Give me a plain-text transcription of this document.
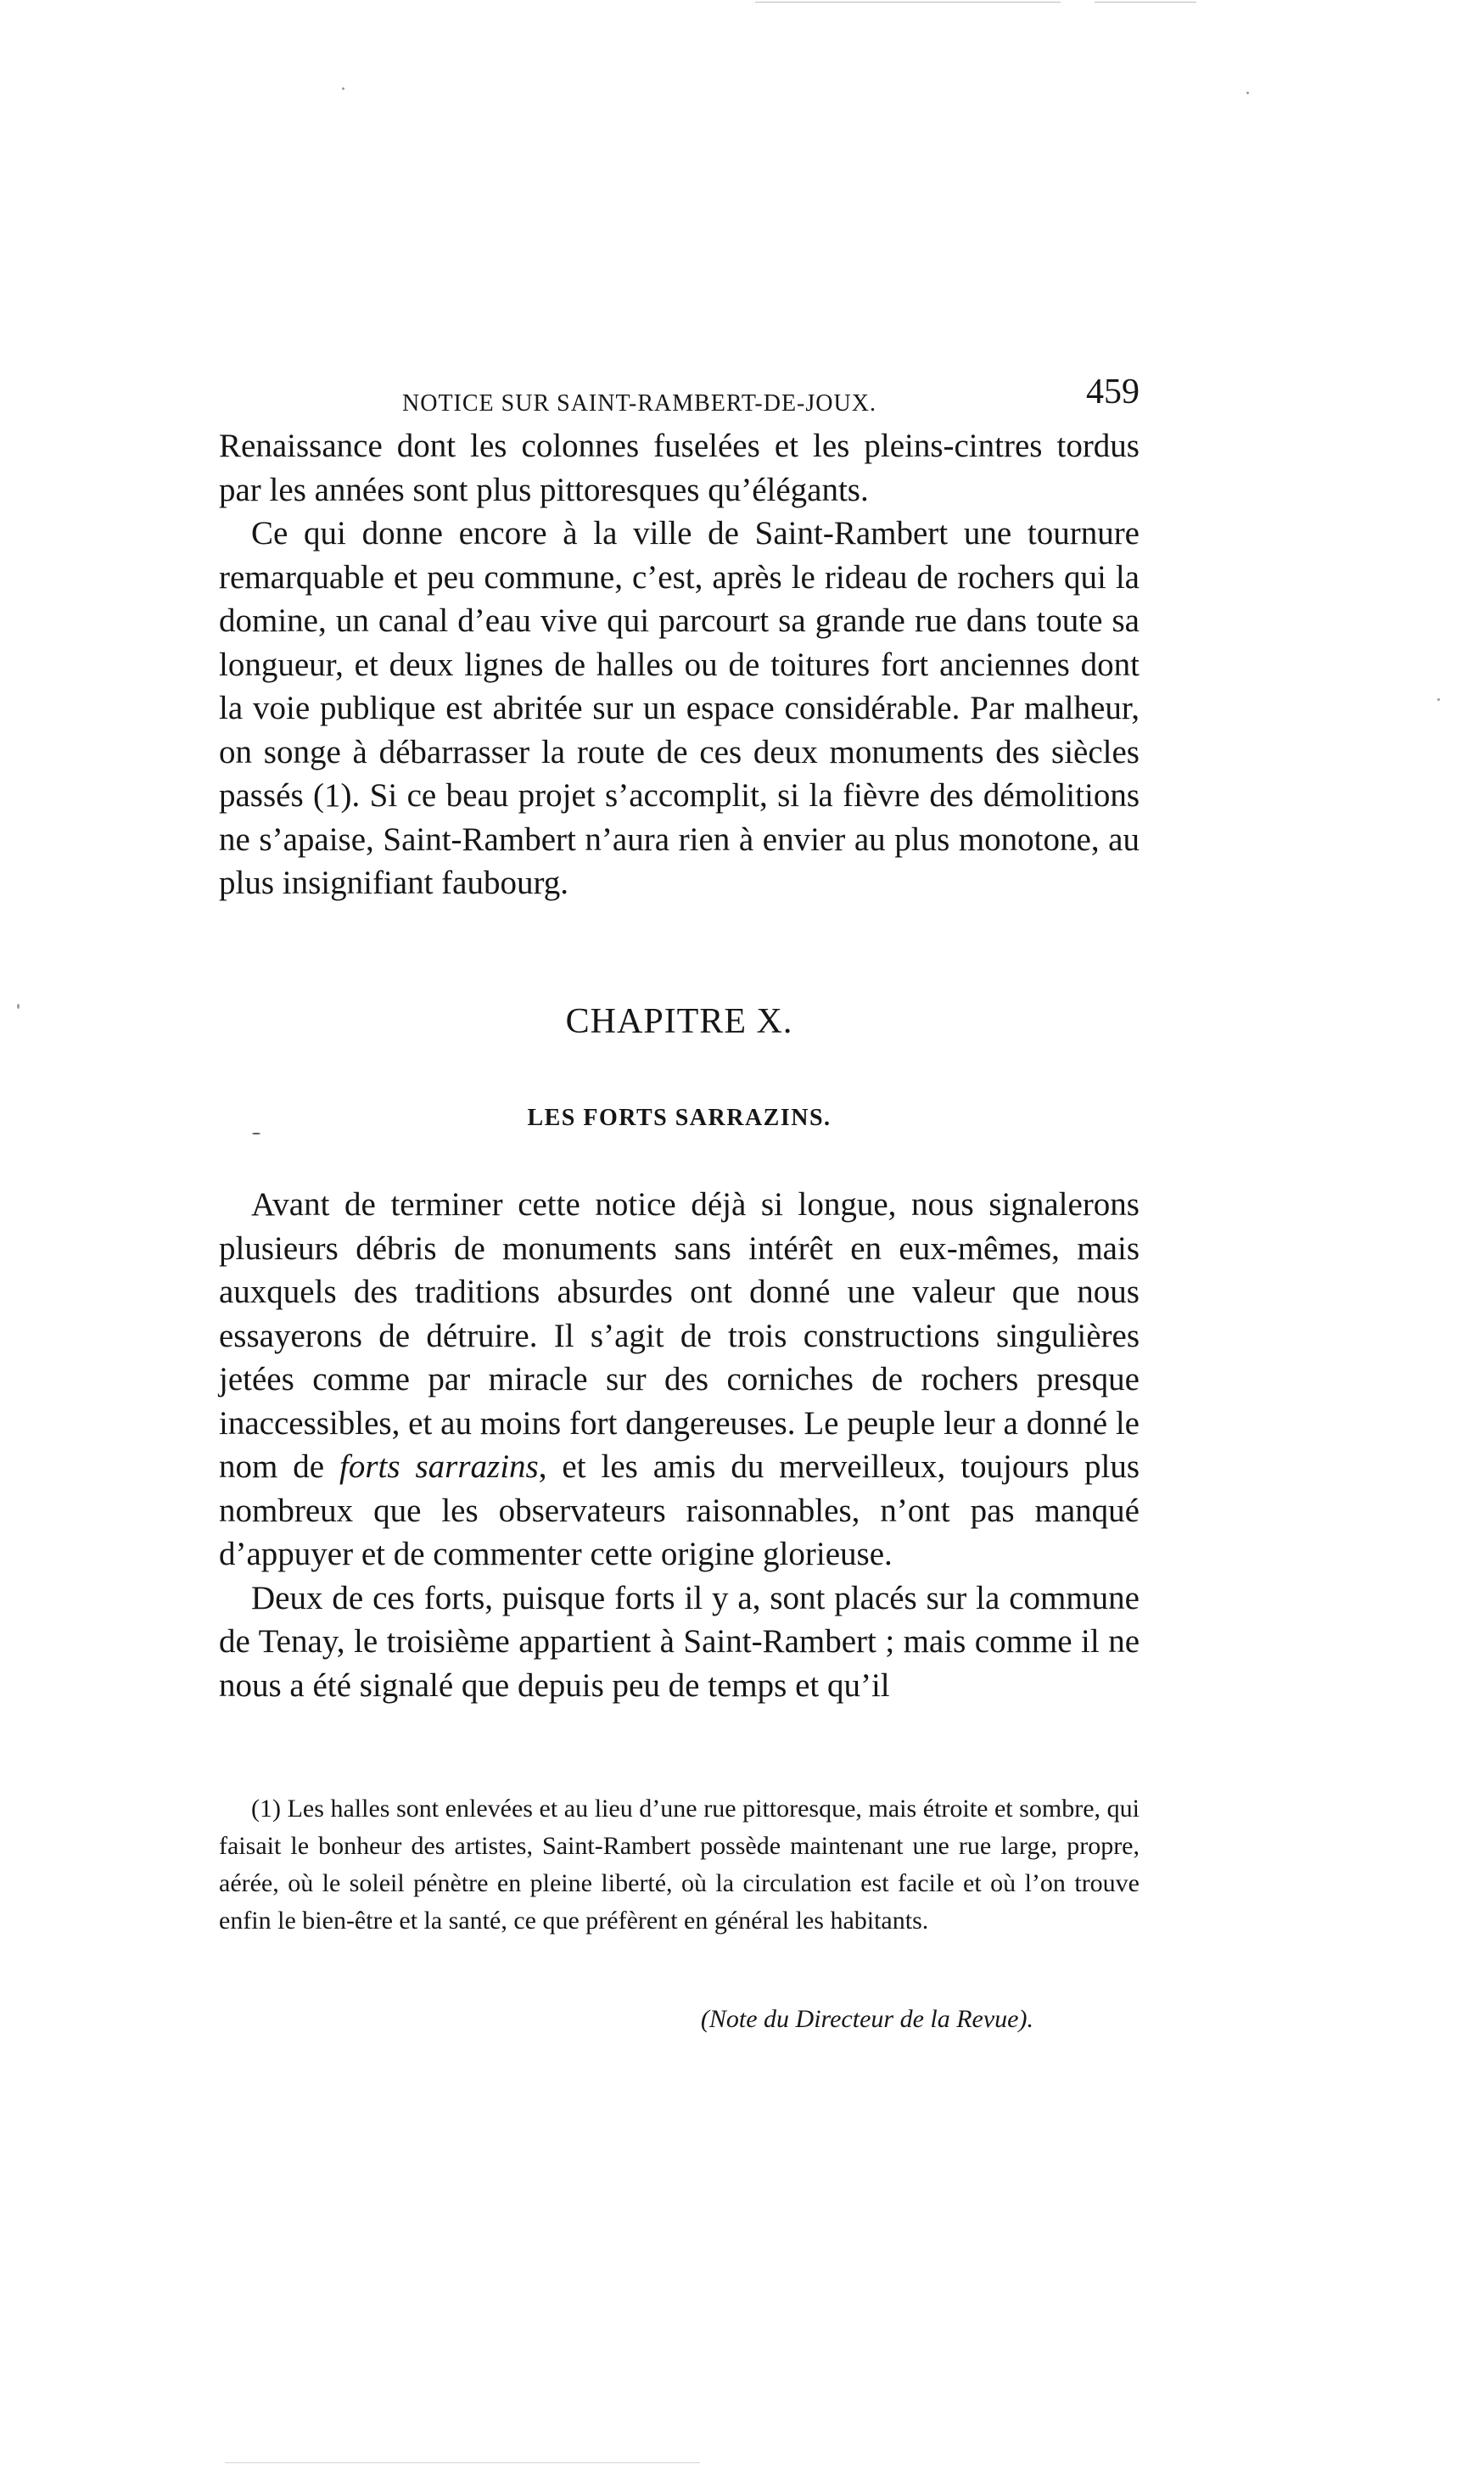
NOTICE SUR SAINT-RAMBERT-DE-JOUX.	459

Renaissance dont les colonnes fuselées et les pleins-cintres tordus par les années sont plus pittoresques qu’élégants.

Ce qui donne encore à la ville de Saint-Rambert une tournure remarquable et peu commune, c’est, après le rideau de rochers qui la domine, un canal d’eau vive qui parcourt sa grande rue dans toute sa longueur, et deux lignes de halles ou de toitures fort anciennes dont la voie publique est abritée sur un espace considérable. Par malheur, on songe à débarrasser la route de ces deux monuments des siècles passés (1). Si ce beau projet s’accomplit, si la fièvre des démolitions ne s’apaise, Saint-Rambert n’aura rien à envier au plus monotone, au plus insignifiant faubourg.

CHAPITRE X.
LES FORTS SARRAZINS.

Avant de terminer cette notice déjà si longue, nous signalerons plusieurs débris de monuments sans intérêt en eux-mêmes, mais auxquels des traditions absurdes ont donné une valeur que nous essayerons de détruire. Il s’agit de trois constructions singulières jetées comme par miracle sur des corniches de rochers presque inaccessibles, et au moins fort dangereuses. Le peuple leur a donné le nom de forts sarrazins, et les amis du merveilleux, toujours plus nombreux que les observateurs raisonnables, n’ont pas manqué d’appuyer et de commenter cette origine glorieuse.

Deux de ces forts, puisque forts il y a, sont placés sur la commune de Tenay, le troisième appartient à Saint-Rambert ; mais comme il ne nous a été signalé que depuis peu de temps et qu’il

(1) Les halles sont enlevées et au lieu d’une rue pittoresque, mais étroite et sombre, qui faisait le bonheur des artistes, Saint-Rambert possède maintenant une rue large, propre, aérée, où le soleil pénètre en pleine liberté, où la circulation est facile et où l’on trouve enfin le bien-être et la santé, ce que préfèrent en général les habitants.

(Note du Directeur de la Revue).
